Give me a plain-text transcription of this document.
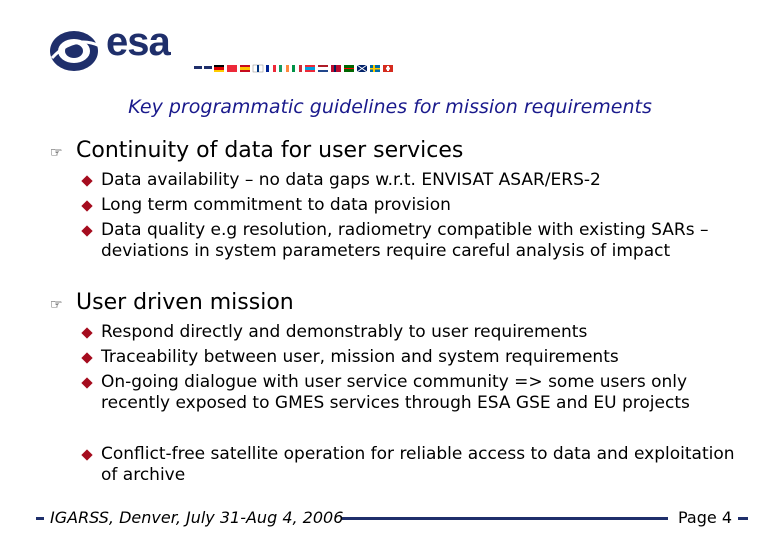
esa
Key programmatic guidelines for mission requirements
☞ Continuity of data for user services
Data availability – no data gaps w.r.t. ENVISAT ASAR/ERS-2
Long term commitment to data provision
Data quality e.g resolution, radiometry compatible with existing SARs – deviations in system parameters require careful analysis of impact
☞ User driven mission
Respond directly and demonstrably to user requirements
Traceability between user, mission and system requirements
On-going dialogue with user service community => some users only recently exposed to GMES services through ESA GSE and EU projects
Conflict-free satellite operation for reliable access to data and exploitation of archive
IGARSS, Denver, July 31-Aug 4, 2006	Page 4
